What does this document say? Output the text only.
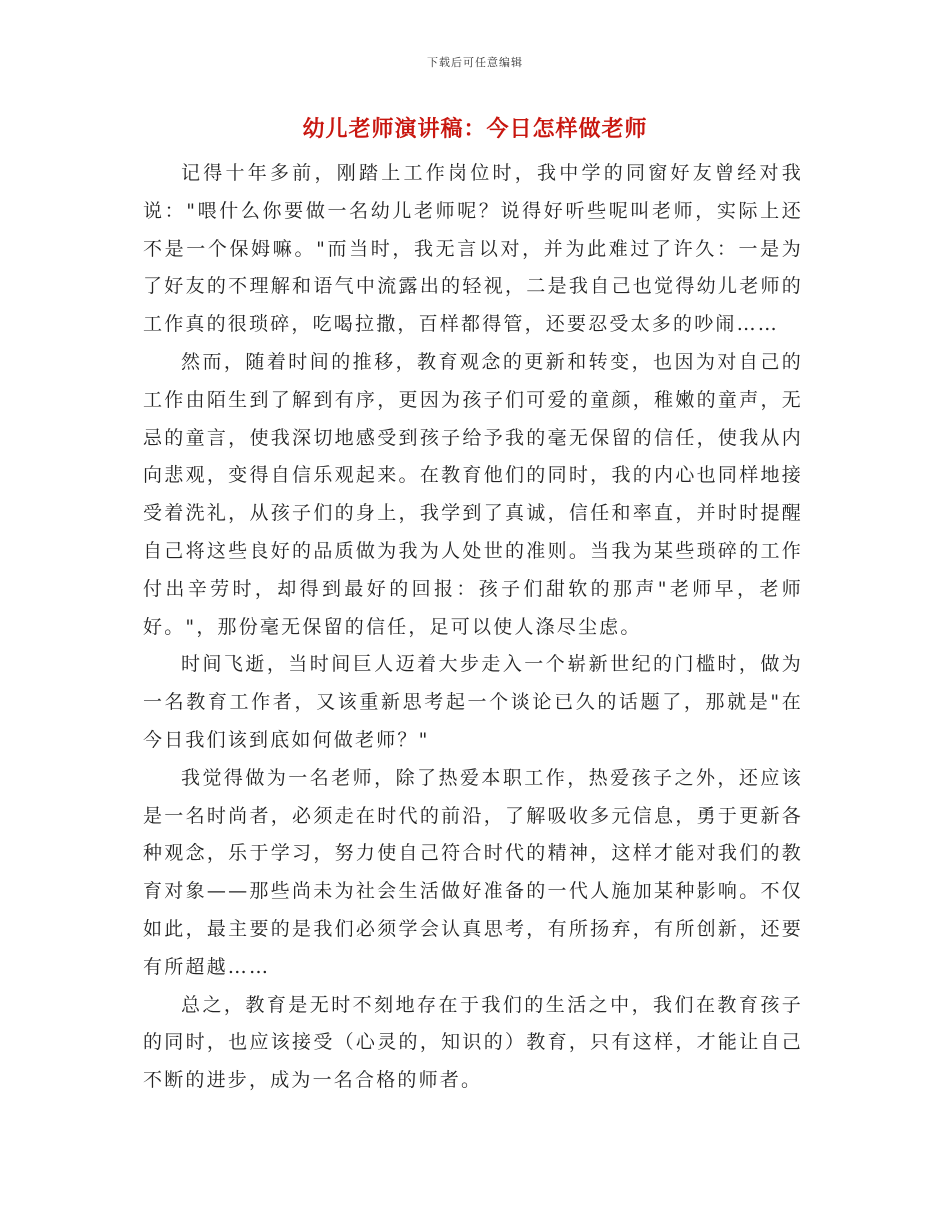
下载后可任意编辑
幼儿老师演讲稿：今日怎样做老师

记得十年多前，刚踏上工作岗位时，我中学的同窗好友曾经对我说："喂什么你要做一名幼儿老师呢？说得好听些呢叫老师，实际上还不是一个保姆嘛。"而当时，我无言以对，并为此难过了许久：一是为了好友的不理解和语气中流露出的轻视，二是我自己也觉得幼儿老师的工作真的很琐碎，吃喝拉撒，百样都得管，还要忍受太多的吵闹……

然而，随着时间的推移，教育观念的更新和转变，也因为对自己的工作由陌生到了解到有序，更因为孩子们可爱的童颜，稚嫩的童声，无忌的童言，使我深切地感受到孩子给予我的毫无保留的信任，使我从内向悲观，变得自信乐观起来。在教育他们的同时，我的内心也同样地接受着洗礼，从孩子们的身上，我学到了真诚，信任和率直，并时时提醒自己将这些良好的品质做为我为人处世的准则。当我为某些琐碎的工作付出辛劳时，却得到最好的回报：孩子们甜软的那声"老师早，老师好。"，那份毫无保留的信任，足可以使人涤尽尘虑。

时间飞逝，当时间巨人迈着大步走入一个崭新世纪的门槛时，做为一名教育工作者，又该重新思考起一个谈论已久的话题了，那就是"在今日我们该到底如何做老师？"

我觉得做为一名老师，除了热爱本职工作，热爱孩子之外，还应该是一名时尚者，必须走在时代的前沿，了解吸收多元信息，勇于更新各种观念，乐于学习，努力使自己符合时代的精神，这样才能对我们的教育对象——那些尚未为社会生活做好准备的一代人施加某种影响。不仅如此，最主要的是我们必须学会认真思考，有所扬弃，有所创新，还要有所超越……

总之，教育是无时不刻地存在于我们的生活之中，我们在教育孩子的同时，也应该接受（心灵的，知识的）教育，只有这样，才能让自己不断的进步，成为一名合格的师者。
